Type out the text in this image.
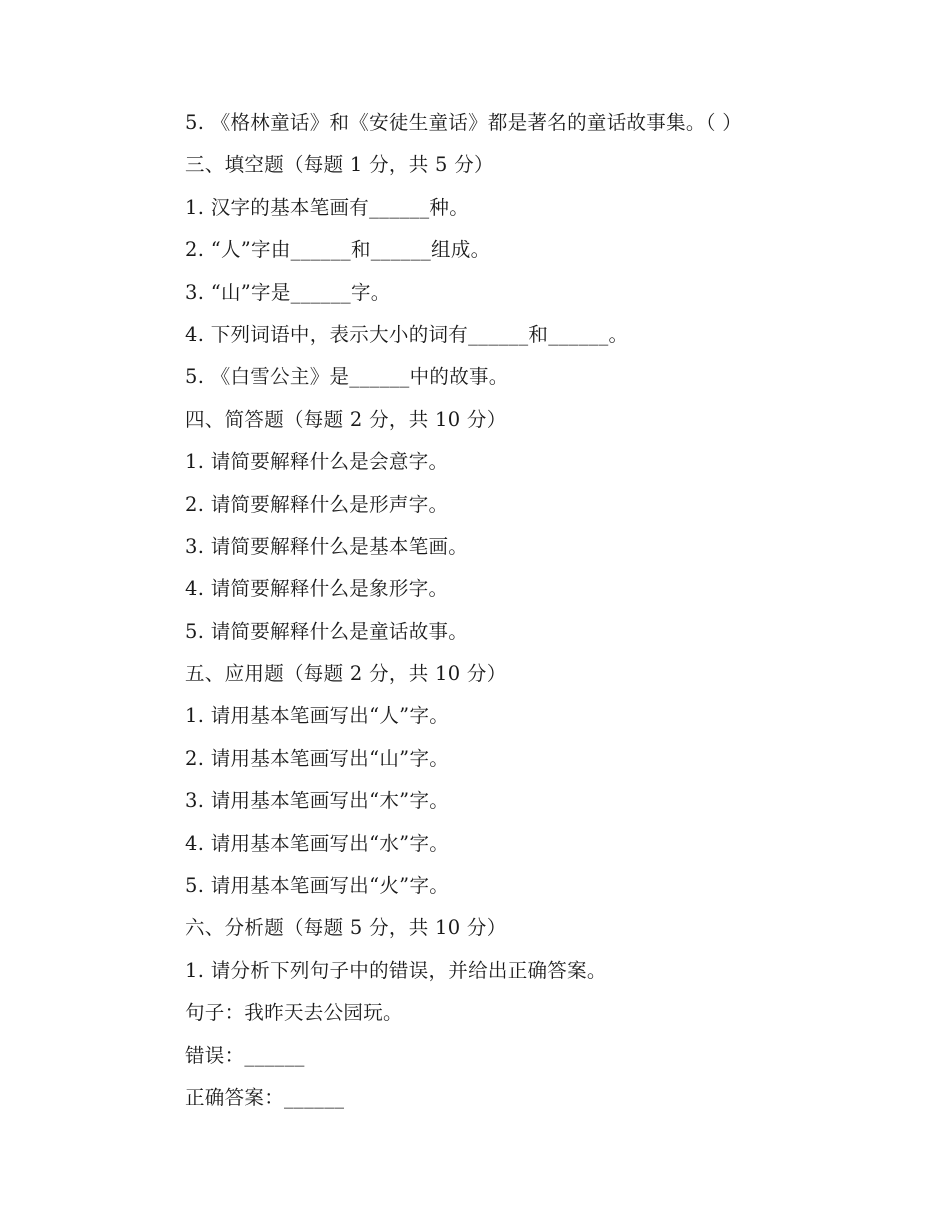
5. 《格林童话》和《安徒生童话》都是著名的童话故事集。（ ）
三、填空题（每题 1 分，共 5 分）
1. 汉字的基本笔画有______种。
2. “人”字由______和______组成。
3. “山”字是______字。
4. 下列词语中，表示大小的词有______和______。
5. 《白雪公主》是______中的故事。
四、简答题（每题 2 分，共 10 分）
1. 请简要解释什么是会意字。
2. 请简要解释什么是形声字。
3. 请简要解释什么是基本笔画。
4. 请简要解释什么是象形字。
5. 请简要解释什么是童话故事。
五、应用题（每题 2 分，共 10 分）
1. 请用基本笔画写出“人”字。
2. 请用基本笔画写出“山”字。
3. 请用基本笔画写出“木”字。
4. 请用基本笔画写出“水”字。
5. 请用基本笔画写出“火”字。
六、分析题（每题 5 分，共 10 分）
1. 请分析下列句子中的错误，并给出正确答案。
句子：我昨天去公园玩。
错误：______
正确答案：______
